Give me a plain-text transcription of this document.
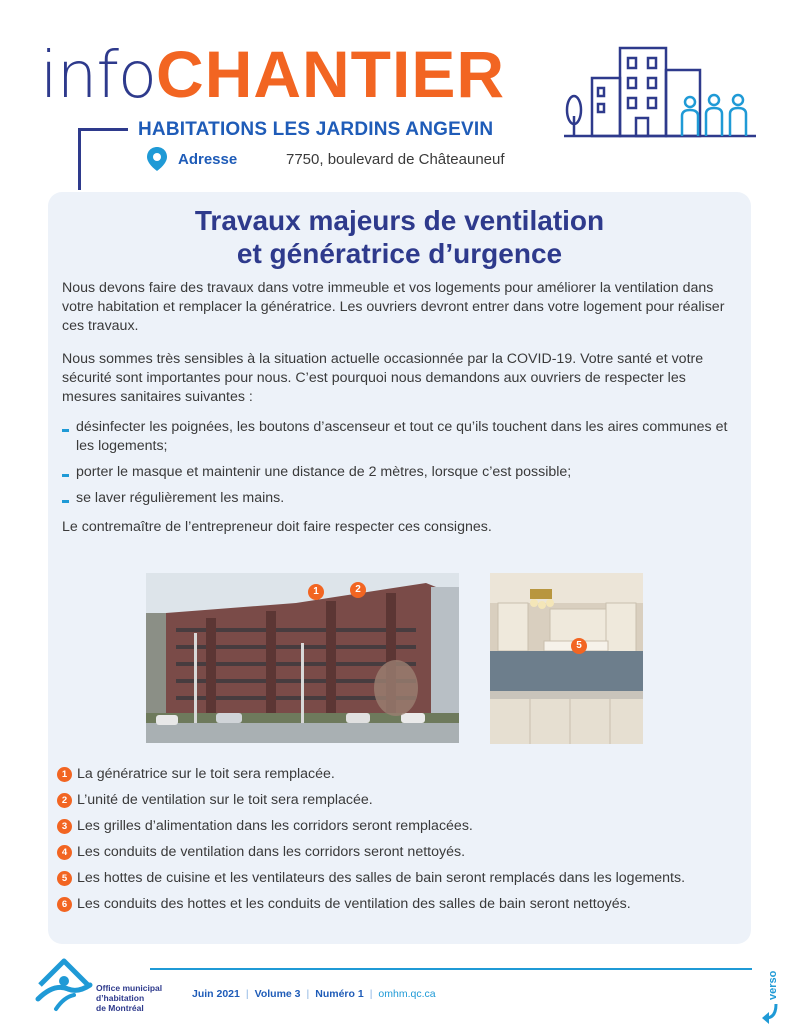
infoCHANTIER
HABITATIONS LES JARDINS ANGEVIN
Adresse	7750, boulevard de Châteauneuf
Travaux majeurs de ventilation
et génératrice d’urgence

Nous devons faire des travaux dans votre immeuble et vos logements pour améliorer la ventilation dans votre habitation et remplacer la génératrice. Les ouvriers devront entrer dans votre logement pour réaliser ces travaux.

Nous sommes très sensibles à la situation actuelle occasionnée par la COVID-19. Votre santé et votre sécurité sont importantes pour nous. C’est pourquoi nous demandons aux ouvriers de respecter les mesures sanitaires suivantes :

désinfecter les poignées, les boutons d’ascenseur et tout ce qu’ils touchent dans les aires communes et les logements;
porter le masque et maintenir une distance de 2 mètres, lorsque c’est possible;
se laver régulièrement les mains.

Le contremaître de l’entrepreneur doit faire respecter ces consignes.

1	2
5
1 La génératrice sur le toit sera remplacée.
2 L’unité de ventilation sur le toit sera remplacée.
3 Les grilles d’alimentation dans les corridors seront remplacées.
4 Les conduits de ventilation dans les corridors seront nettoyés.
5 Les hottes de cuisine et les ventilateurs des salles de bain seront remplacés dans les logements.
6 Les conduits des hottes et les conduits de ventilation des salles de bain seront nettoyés.
Office municipal
d’habitation
de Montréal
Juin 2021 | Volume 3 | Numéro 1 | omhm.qc.ca	verso
